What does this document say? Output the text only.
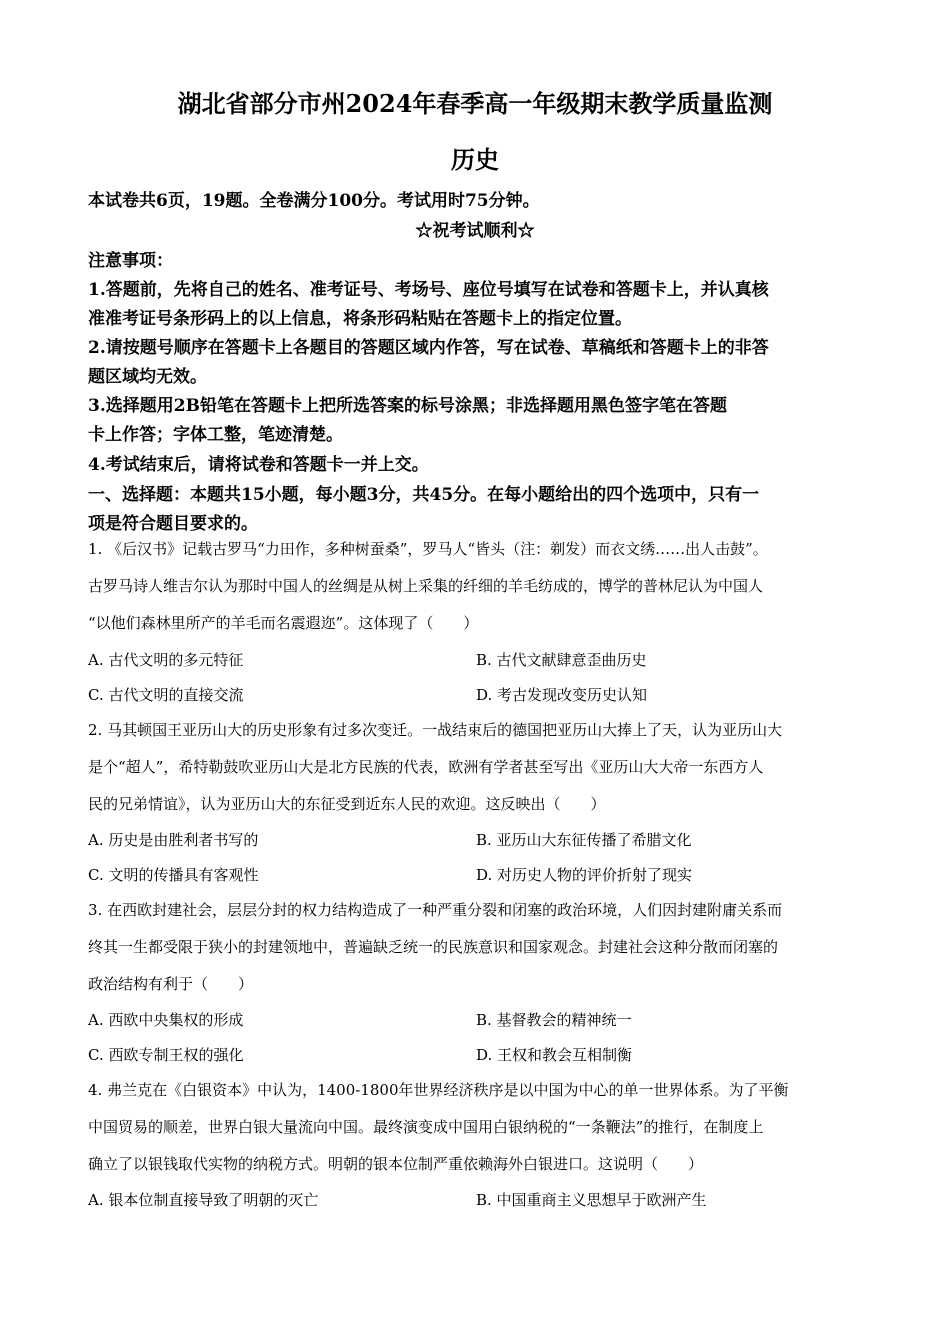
湖北省部分市州2024年春季高一年级期末教学质量监测
历史
本试卷共6页，19题。全卷满分100分。考试用时75分钟。
☆祝考试顺利☆
注意事项：
1.答题前，先将自己的姓名、准考证号、考场号、座位号填写在试卷和答题卡上，并认真核
准准考证号条形码上的以上信息，将条形码粘贴在答题卡上的指定位置。
2.请按题号顺序在答题卡上各题目的答题区域内作答，写在试卷、草稿纸和答题卡上的非答
题区域均无效。
3.选择题用2B铅笔在答题卡上把所选答案的标号涂黑；非选择题用黑色签字笔在答题
卡上作答；字体工整，笔迹清楚。
4.考试结束后，请将试卷和答题卡一并上交。
一、选择题：本题共15小题，每小题3分，共45分。在每小题给出的四个选项中，只有一
项是符合题目要求的。
1. 《后汉书》记载古罗马“力田作，多种树蚕桑”，罗马人“皆头（注：剃发）而衣文绣……出人击鼓”。
古罗马诗人维吉尔认为那时中国人的丝绸是从树上采集的纤细的羊毛纺成的，博学的普林尼认为中国人
“以他们森林里所产的羊毛而名震遐迩”。这体现了（　　）
A. 古代文明的多元特征	B. 古代文献肆意歪曲历史
C. 古代文明的直接交流	D. 考古发现改变历史认知
2. 马其顿国王亚历山大的历史形象有过多次变迁。一战结束后的德国把亚历山大捧上了天，认为亚历山大
是个“超人”，希特勒鼓吹亚历山大是北方民族的代表，欧洲有学者甚至写出《亚历山大大帝一东西方人
民的兄弟情谊》，认为亚历山大的东征受到近东人民的欢迎。这反映出（　　）
A. 历史是由胜利者书写的	B. 亚历山大东征传播了希腊文化
C. 文明的传播具有客观性	D. 对历史人物的评价折射了现实
3. 在西欧封建社会，层层分封的权力结构造成了一种严重分裂和闭塞的政治环境，人们因封建附庸关系而
终其一生都受限于狭小的封建领地中，普遍缺乏统一的民族意识和国家观念。封建社会这种分散而闭塞的
政治结构有利于（　　）
A. 西欧中央集权的形成	B. 基督教会的精神统一
C. 西欧专制王权的强化	D. 王权和教会互相制衡
4. 弗兰克在《白银资本》中认为，1400-1800年世界经济秩序是以中国为中心的单一世界体系。为了平衡
中国贸易的顺差，世界白银大量流向中国。最终演变成中国用白银纳税的“一条鞭法”的推行，在制度上
确立了以银钱取代实物的纳税方式。明朝的银本位制严重依赖海外白银进口。这说明（　　）
A. 银本位制直接导致了明朝的灭亡	B. 中国重商主义思想早于欧洲产生
